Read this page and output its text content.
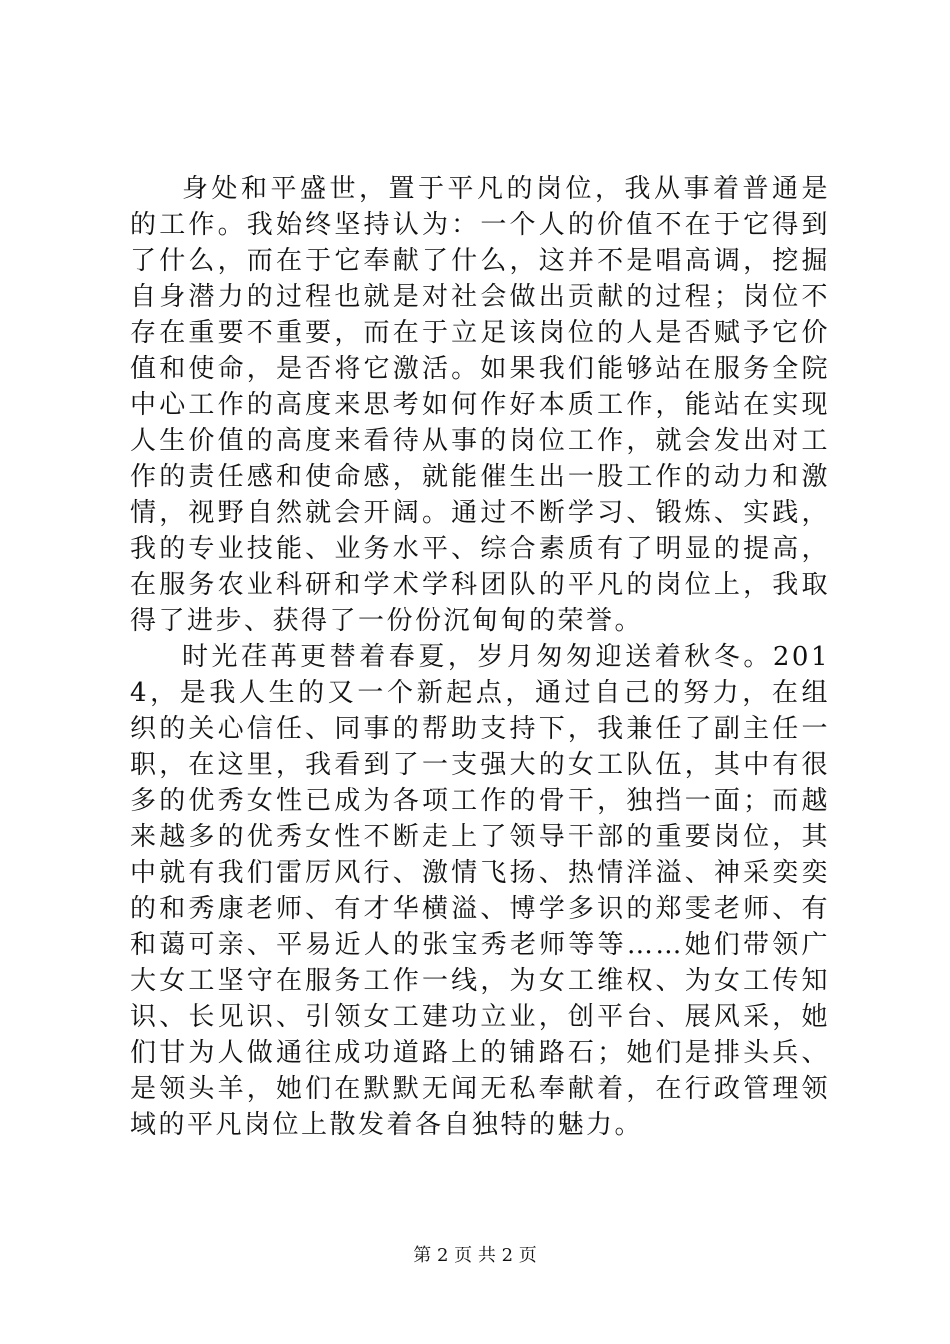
身处和平盛世，置于平凡的岗位，我从事着普通是的工作。我始终坚持认为：一个人的价值不在于它得到了什么，而在于它奉献了什么，这并不是唱高调，挖掘自身潜力的过程也就是对社会做出贡献的过程；岗位不存在重要不重要，而在于立足该岗位的人是否赋予它价值和使命，是否将它激活。如果我们能够站在服务全院中心工作的高度来思考如何作好本质工作，能站在实现人生价值的高度来看待从事的岗位工作，就会发出对工作的责任感和使命感，就能催生出一股工作的动力和激情，视野自然就会开阔。通过不断学习、锻炼、实践，我的专业技能、业务水平、综合素质有了明显的提高，在服务农业科研和学术学科团队的平凡的岗位上，我取得了进步、获得了一份份沉甸甸的荣誉。

时光荏苒更替着春夏，岁月匆匆迎送着秋冬。2014，是我人生的又一个新起点，通过自己的努力，在组织的关心信任、同事的帮助支持下，我兼任了副主任一职，在这里，我看到了一支强大的女工队伍，其中有很多的优秀女性已成为各项工作的骨干，独挡一面；而越来越多的优秀女性不断走上了领导干部的重要岗位，其中就有我们雷厉风行、激情飞扬、热情洋溢、神采奕奕的和秀康老师、有才华横溢、博学多识的郑雯老师、有和蔼可亲、平易近人的张宝秀老师等等……她们带领广大女工坚守在服务工作一线，为女工维权、为女工传知识、长见识、引领女工建功立业，创平台、展风采，她们甘为人做通往成功道路上的铺路石；她们是排头兵、是领头羊，她们在默默无闻无私奉献着，在行政管理领域的平凡岗位上散发着各自独特的魅力。

第 2 页 共 2 页
